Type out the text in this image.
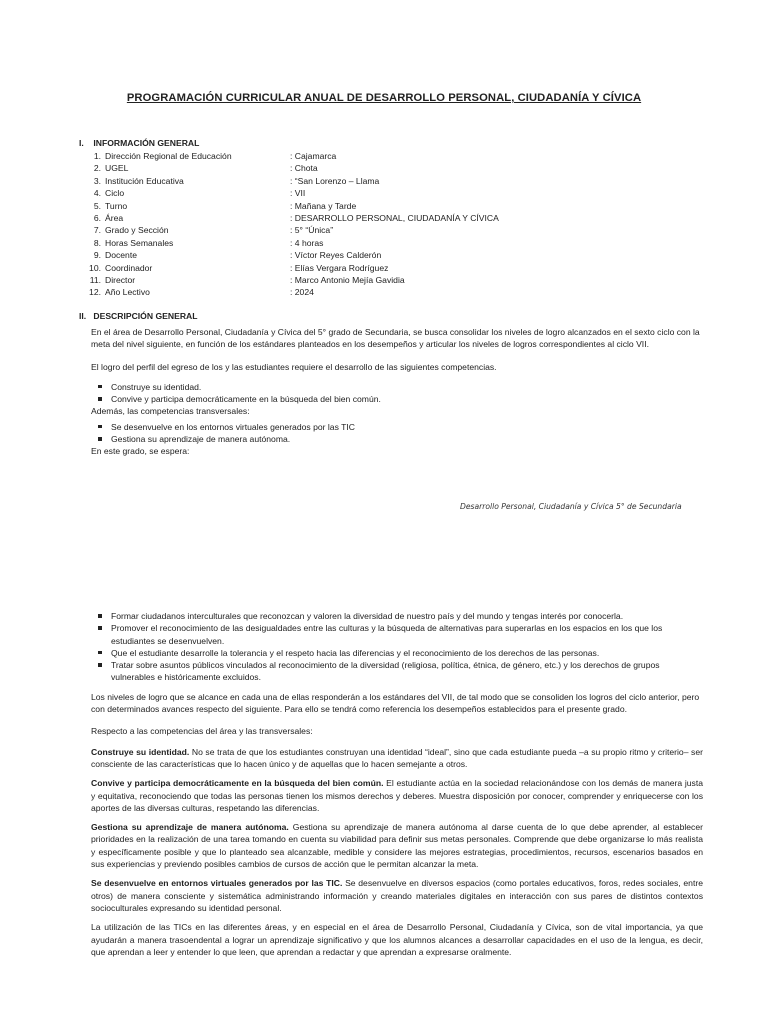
PROGRAMACIÓN CURRICULAR ANUAL DE DESARROLLO PERSONAL, CIUDADANÍA Y CÍVICA
I. INFORMACIÓN GENERAL
1. Dirección Regional de Educación	: Cajamarca
2. UGEL	: Chota
3. Institución Educativa	: “San Lorenzo – Llama
4. Ciclo	: VII
5. Turno	: Mañana y Tarde
6. Área	: DESARROLLO PERSONAL, CIUDADANÍA Y CÍVICA
7. Grado y Sección	: 5° “Única”
8. Horas Semanales	: 4 horas
9. Docente	: Víctor Reyes Calderón
10. Coordinador	: Elías Vergara Rodríguez
11. Director	: Marco Antonio Mejía Gavidia
12. Año Lectivo	: 2024
II. DESCRIPCIÓN GENERAL

En el área de Desarrollo Personal, Ciudadanía y Cívica del 5° grado de Secundaria, se busca consolidar los niveles de logro alcanzados en el sexto ciclo con la meta del nivel siguiente, en función de los estándares planteados en los desempeños y articular los niveles de logros correspondientes al ciclo VII.

El logro del perfil del egreso de los y las estudiantes requiere el desarrollo de las siguientes competencias.

Construye su identidad.
Convive y participa democráticamente en la búsqueda del bien común.

Además, las competencias transversales:

Se desenvuelve en los entornos virtuales generados por las TIC
Gestiona su aprendizaje de manera autónoma.

En este grado, se espera:

Desarrollo Personal, Ciudadanía y Cívica 5° de Secundaria
Formar ciudadanos interculturales que reconozcan y valoren la diversidad de nuestro país y del mundo y tengas interés por conocerla.
Promover el reconocimiento de las desigualdades entre las culturas y la búsqueda de alternativas para superarlas en los espacios en los que los estudiantes se desenvuelven.
Que el estudiante desarrolle la tolerancia y el respeto hacia las diferencias y el reconocimiento de los derechos de las personas.
Tratar sobre asuntos públicos vinculados al reconocimiento de la diversidad (religiosa, política, étnica, de género, etc.) y los derechos de grupos vulnerables e históricamente excluidos.

Los niveles de logro que se alcance en cada una de ellas responderán a los estándares del VII, de tal modo que se consoliden los logros del ciclo anterior, pero con determinados avances respecto del siguiente. Para ello se tendrá como referencia los desempeños establecidos para el presente grado.

Respecto a las competencias del área y las transversales:

Construye su identidad. No se trata de que los estudiantes construyan una identidad “ideal”, sino que cada estudiante pueda –a su propio ritmo y criterio– ser consciente de las características que lo hacen único y de aquellas que lo hacen semejante a otros.

Convive y participa democráticamente en la búsqueda del bien común. El estudiante actúa en la sociedad relacionándose con los demás de manera justa y equitativa, reconociendo que todas las personas tienen los mismos derechos y deberes. Muestra disposición por conocer, comprender y enriquecerse con los aportes de las diversas culturas, respetando las diferencias.

Gestiona su aprendizaje de manera autónoma. Gestiona su aprendizaje de manera autónoma al darse cuenta de lo que debe aprender, al establecer prioridades en la realización de una tarea tomando en cuenta su viabilidad para definir sus metas personales. Comprende que debe organizarse lo más realista y específicamente posible y que lo planteado sea alcanzable, medible y considere las mejores estrategias, procedimientos, recursos, escenarios basados en sus experiencias y previendo posibles cambios de cursos de acción que le permitan alcanzar la meta.

Se desenvuelve en entornos virtuales generados por las TIC. Se desenvuelve en diversos espacios (como portales educativos, foros, redes sociales, entre otros) de manera consciente y sistemática administrando información y creando materiales digitales en interacción con sus pares de distintos contextos socioculturales expresando su identidad personal.

La utilización de las TICs en las diferentes áreas, y en especial en el área de Desarrollo Personal, Ciudadanía y Cívica, son de vital importancia, ya que ayudarán a manera trasoendental a lograr un aprendizaje significativo y que los alumnos alcances a desarrollar capacidades en el uso de la lengua, es decir, que aprendan a leer y entender lo que leen, que aprendan a redactar y que aprendan a expresarse oralmente.
